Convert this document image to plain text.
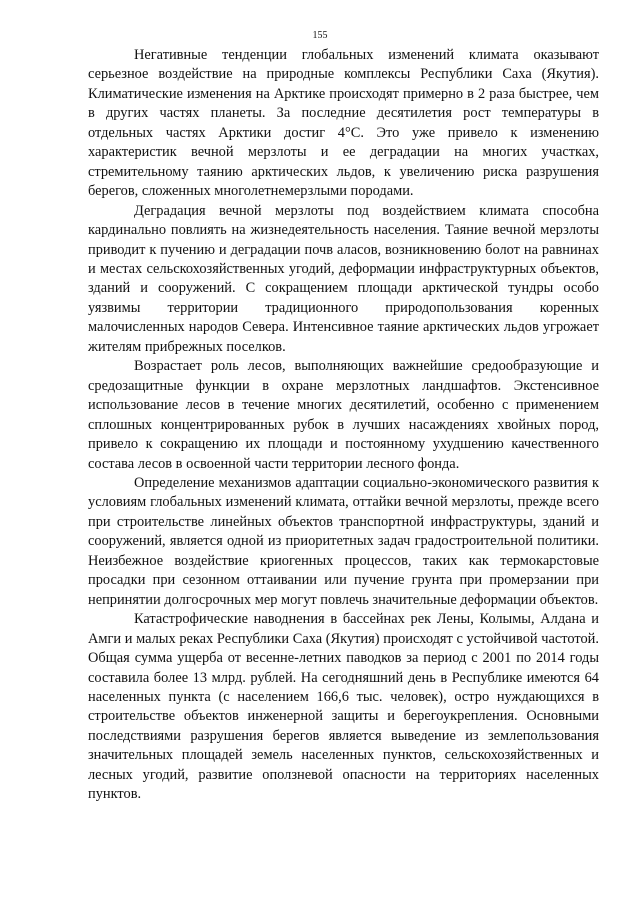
155

Негативные тенденции глобальных изменений климата оказывают серьезное воздействие на природные комплексы Республики Саха (Якутия). Климатические изменения на Арктике происходят примерно в 2 раза быстрее, чем в других частях планеты. За последние десятилетия рост температуры в отдельных частях Арктики достиг 4°С. Это уже привело к изменению характеристик вечной мерзлоты и ее деградации на многих участках, стремительному таянию арктических льдов, к увеличению риска разрушения берегов, сложенных многолетнемерзлыми породами.

Деградация вечной мерзлоты под воздействием климата способна кардинально повлиять на жизнедеятельность населения. Таяние вечной мерзлоты приводит к пучению и деградации почв аласов, возникновению болот на равнинах и местах сельскохозяйственных угодий, деформации инфраструктурных объектов, зданий и сооружений. С сокращением площади арктической тундры особо уязвимы территории традиционного природопользования коренных малочисленных народов Севера. Интенсивное таяние арктических льдов угрожает жителям прибрежных поселков.

Возрастает роль лесов, выполняющих важнейшие средообразующие и средозащитные функции в охране мерзлотных ландшафтов. Экстенсивное использование лесов в течение многих десятилетий, особенно с применением сплошных концентрированных рубок в лучших насаждениях хвойных пород, привело к сокращению их площади и постоянному ухудшению качественного состава лесов в освоенной части территории лесного фонда.

Определение механизмов адаптации социально-экономического развития к условиям глобальных изменений климата, оттайки вечной мерзлоты, прежде всего при строительстве линейных объектов транспортной инфраструктуры, зданий и сооружений, является одной из приоритетных задач градостроительной политики. Неизбежное воздействие криогенных процессов, таких как термокарстовые просадки при сезонном оттаивании или пучение грунта при промерзании при непринятии долгосрочных мер могут повлечь значительные деформации объектов.

Катастрофические наводнения в бассейнах рек Лены, Колымы, Алдана и Амги и малых реках Республики Саха (Якутия) происходят с устойчивой частотой. Общая сумма ущерба от весенне-летних паводков за период с 2001 по 2014 годы составила более 13 млрд. рублей. На сегодняшний день в Республике имеются 64 населенных пункта (с населением 166,6 тыс. человек), остро нуждающихся в строительстве объектов инженерной защиты и берегоукрепления. Основными последствиями разрушения берегов является выведение из землепользования значительных площадей земель населенных пунктов, сельскохозяйственных и лесных угодий, развитие оползневой опасности на территориях населенных пунктов.
